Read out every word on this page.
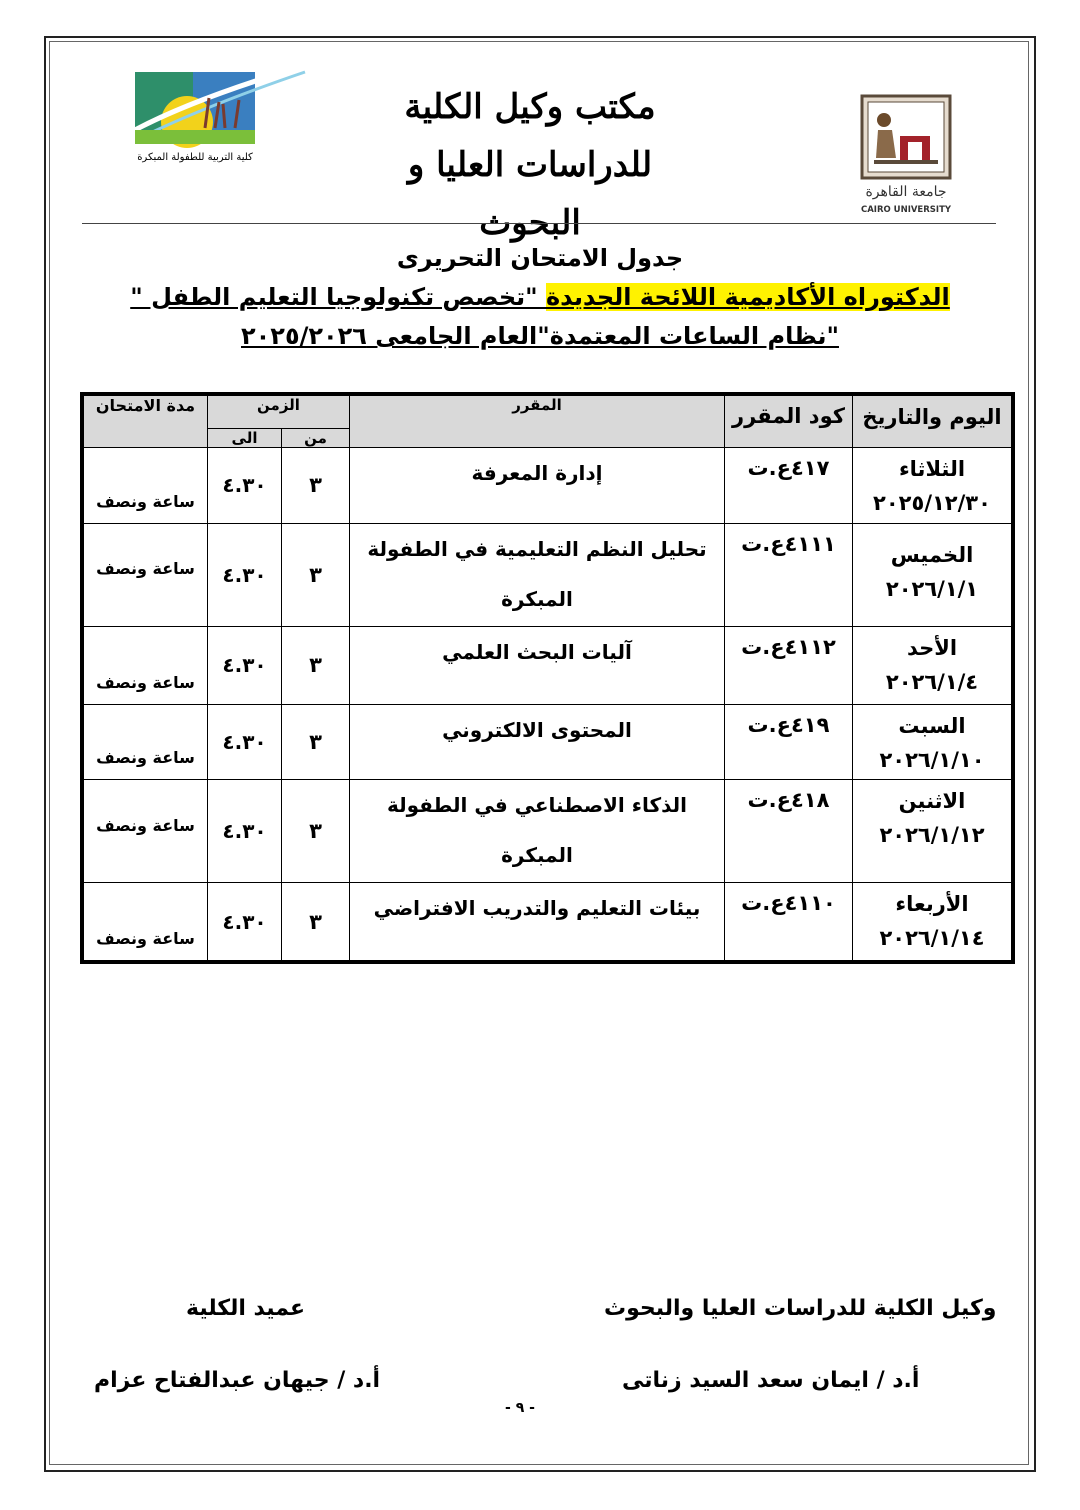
كلية التربية للطفولة المبكرة
جامعة القاهرة
CAIRO UNIVERSITY
مكتب وكيل الكلية
للدراسات العليا و البحوث
جدول الامتحان التحريرى
الدكتوراه الأكاديمية اللائحة الجديدة "تخصص تكنولوجيا التعليم الطفل "
"نظام الساعات المعتمدة"العام الجامعى ٢٠٢٥/٢٠٢٦
اليوم والتاريخ	كود المقرر	المقرر	الزمن		مدة الامتحان
			من	الى	

الثلاثاء
٢٠٢٥/١٢/٣٠	٤١٧ع.ت	إدارة المعرفة	٣	٤.٣٠	ساعة ونصف

الخميس
٢٠٢٦/١/١	٤١١١ع.ت	تحليل النظم التعليمية في الطفولة المبكرة	٣	٤.٣٠	ساعة ونصف

الأحد
٢٠٢٦/١/٤	٤١١٢ع.ت	آليات البحث العلمي	٣	٤.٣٠	ساعة ونصف

السبت
٢٠٢٦/١/١٠	٤١٩ع.ت	المحتوى الالكتروني	٣	٤.٣٠	ساعة ونصف

الاثنين
٢٠٢٦/١/١٢	٤١٨ع.ت	الذكاء الاصطناعي في الطفولة المبكرة	٣	٤.٣٠	ساعة ونصف

الأربعاء
٢٠٢٦/١/١٤	٤١١٠ع.ت	بيئات التعليم والتدريب الافتراضي	٣	٤.٣٠	ساعة ونصف
وكيل الكلية للدراسات العليا والبحوث
عميد الكلية
أ.د / ايمان سعد السيد زناتى
أ.د / جيهان عبدالفتاح عزام
- ٩ -
